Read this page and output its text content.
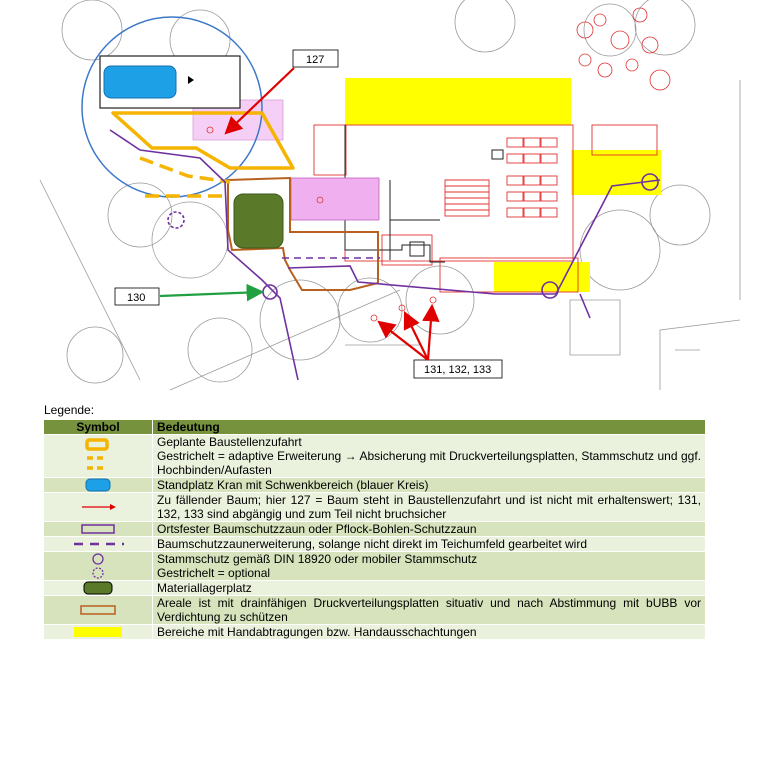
127
130
131, 132, 133
Legende:
Symbol	Bedeutung

Geplante Baustellenzufahrt
Gestrichelt = adaptive Erweiterung → Absicherung mit Druckverteilungsplatten, Stammschutz und ggf. Hochbinden/Aufasten

	Standplatz Kran mit Schwenkbereich (blauer Kreis)

	Zu fällender Baum; hier 127 = Baum steht in Baustellenzufahrt und ist nicht mit erhaltenswert; 131, 132, 133 sind abgängig und zum Teil nicht bruchsicher

	Ortsfester Baumschutzzaun oder Pflock-Bohlen-Schutzzaun

	Baumschutzzaunerweiterung, solange nicht direkt im Teichumfeld gearbeitet wird

Stammschutz gemäß DIN 18920 oder mobiler Stammschutz
Gestrichelt = optional

	Materiallagerplatz

	Areale ist mit drainfähigen Druckverteilungsplatten situativ und nach Abstimmung mit bUBB vor Verdichtung zu schützen

	Bereiche mit Handabtragungen bzw. Handausschachtungen
